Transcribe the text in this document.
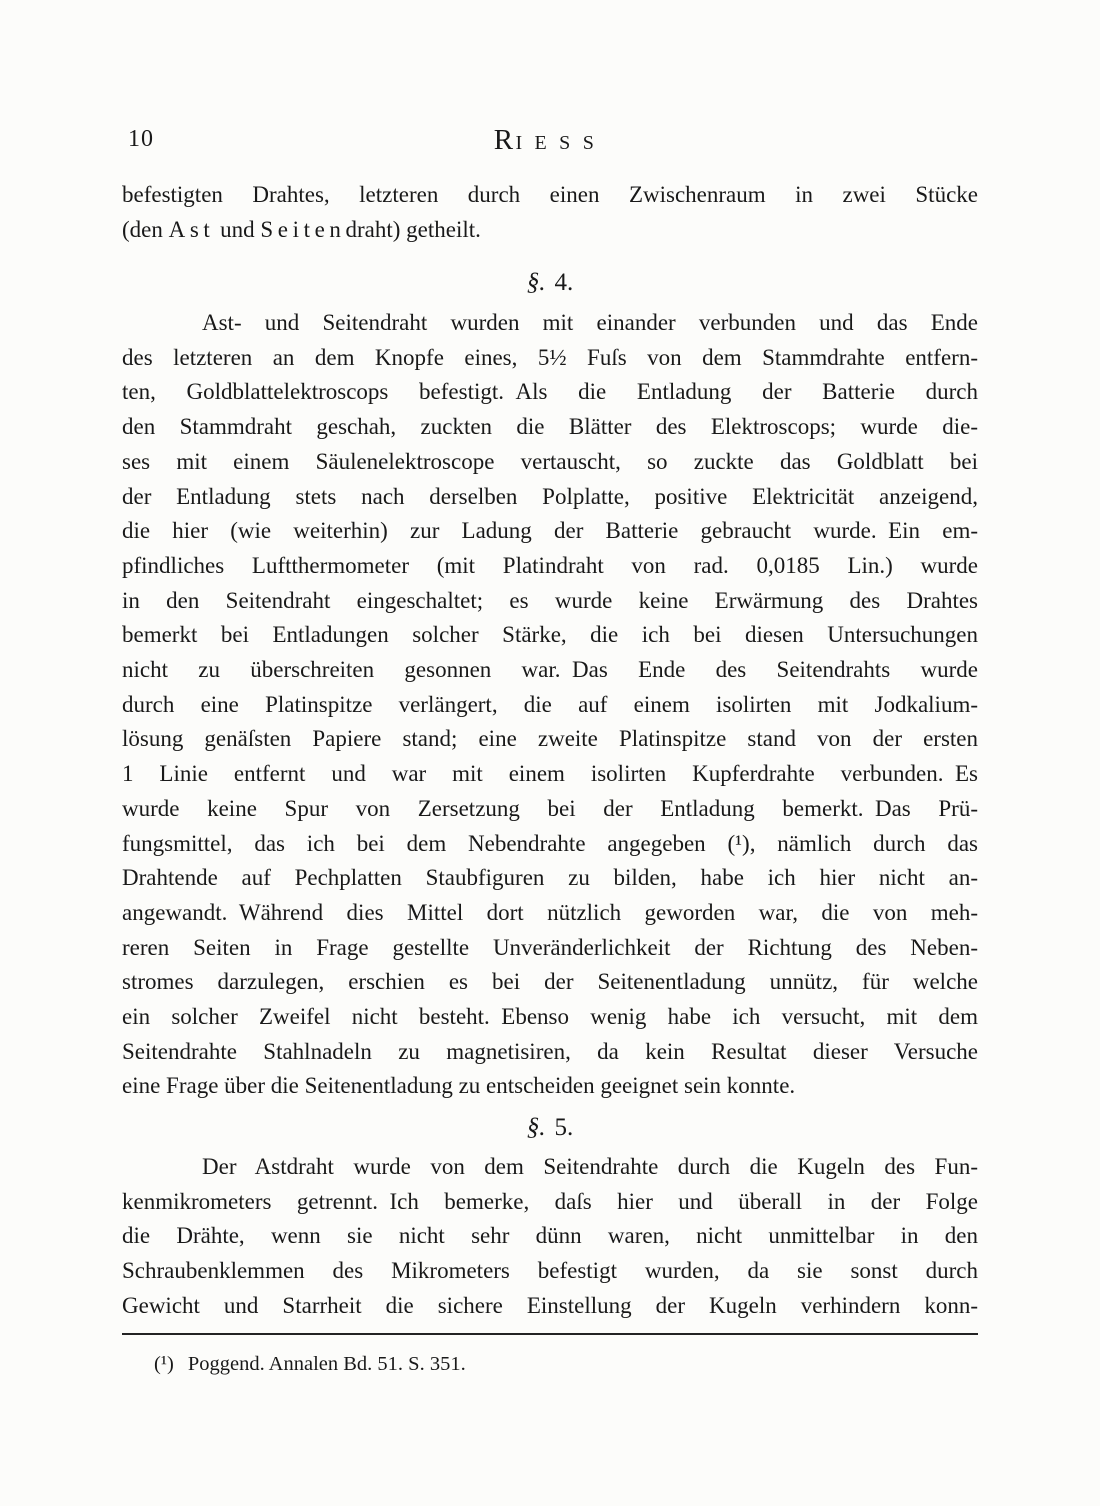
10	R IESS
befestigten Drahtes, letzteren durch einen Zwischenraum in zwei Stücke
(den Ast und Seitendraht) getheilt.
§. 4.
Ast- und Seitendraht wurden mit einander verbunden und das Ende
des letzteren an dem Knopfe eines, 5½ Fuſs von dem Stammdrahte entfern-
ten, Goldblattelektroscops befestigt. Als die Entladung der Batterie durch
den Stammdraht geschah, zuckten die Blätter des Elektroscops; wurde die-
ses mit einem Säulenelektroscope vertauscht, so zuckte das Goldblatt bei
der Entladung stets nach derselben Polplatte, positive Elektricität anzeigend,
die hier (wie weiterhin) zur Ladung der Batterie gebraucht wurde. Ein em-
pfindliches Luftthermometer (mit Platindraht von rad. 0,0185 Lin.) wurde
in den Seitendraht eingeschaltet; es wurde keine Erwärmung des Drahtes
bemerkt bei Entladungen solcher Stärke, die ich bei diesen Untersuchungen
nicht zu überschreiten gesonnen war. Das Ende des Seitendrahts wurde
durch eine Platinspitze verlängert, die auf einem isolirten mit Jodkalium-
lösung genäſsten Papiere stand; eine zweite Platinspitze stand von der ersten
1 Linie entfernt und war mit einem isolirten Kupferdrahte verbunden. Es
wurde keine Spur von Zersetzung bei der Entladung bemerkt. Das Prü-
fungsmittel, das ich bei dem Nebendrahte angegeben (¹), nämlich durch das
Drahtende auf Pechplatten Staubfiguren zu bilden, habe ich hier nicht an-
angewandt. Während dies Mittel dort nützlich geworden war, die von meh-
reren Seiten in Frage gestellte Unveränderlichkeit der Richtung des Neben-
stromes darzulegen, erschien es bei der Seitenentladung unnütz, für welche
ein solcher Zweifel nicht besteht. Ebenso wenig habe ich versucht, mit dem
Seitendrahte Stahlnadeln zu magnetisiren, da kein Resultat dieser Versuche
eine Frage über die Seitenentladung zu entscheiden geeignet sein konnte.
§. 5.
Der Astdraht wurde von dem Seitendrahte durch die Kugeln des Fun-
kenmikrometers getrennt. Ich bemerke, daſs hier und überall in der Folge
die Drähte, wenn sie nicht sehr dünn waren, nicht unmittelbar in den
Schraubenklemmen des Mikrometers befestigt wurden, da sie sonst durch
Gewicht und Starrheit die sichere Einstellung der Kugeln verhindern konn-
(¹) Poggend. Annalen Bd. 51. S. 351.
